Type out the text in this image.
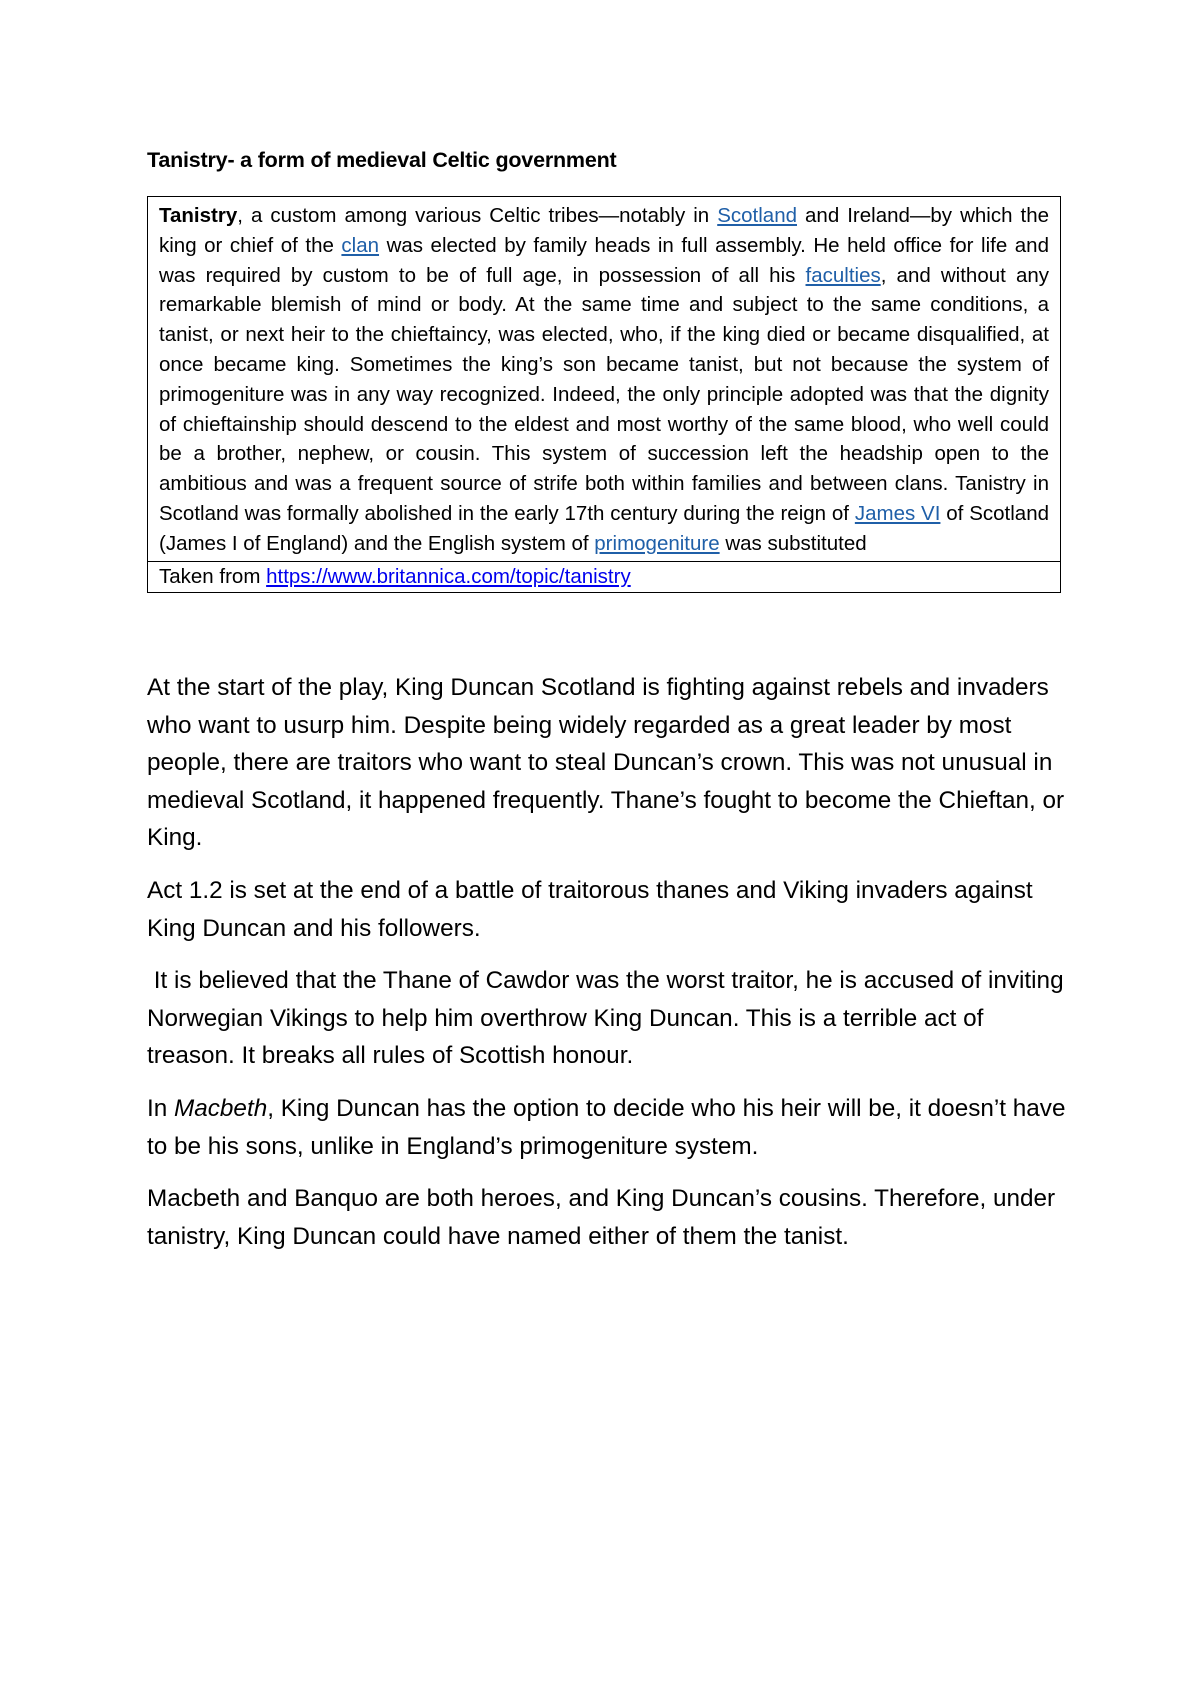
Tanistry- a form of medieval Celtic government
Tanistry, a custom among various Celtic tribes—notably in Scotland and Ireland—by which the king or chief of the clan was elected by family heads in full assembly. He held office for life and was required by custom to be of full age, in possession of all his faculties, and without any remarkable blemish of mind or body. At the same time and subject to the same conditions, a tanist, or next heir to the chieftaincy, was elected, who, if the king died or became disqualified, at once became king. Sometimes the king’s son became tanist, but not because the system of primogeniture was in any way recognized. Indeed, the only principle adopted was that the dignity of chieftainship should descend to the eldest and most worthy of the same blood, who well could be a brother, nephew, or cousin. This system of succession left the headship open to the ambitious and was a frequent source of strife both within families and between clans. Tanistry in Scotland was formally abolished in the early 17th century during the reign of James VI of Scotland (James I of England) and the English system of primogeniture was substituted
Taken from https://www.britannica.com/topic/tanistry

At the start of the play, King Duncan Scotland is fighting against rebels and invaders who want to usurp him. Despite being widely regarded as a great leader by most people, there are traitors who want to steal Duncan’s crown. This was not unusual in medieval Scotland, it happened frequently. Thane’s fought to become the Chieftan, or King.

Act 1.2 is set at the end of a battle of traitorous thanes and Viking invaders against King Duncan and his followers.

It is believed that the Thane of Cawdor was the worst traitor, he is accused of inviting Norwegian Vikings to help him overthrow King Duncan. This is a terrible act of treason. It breaks all rules of Scottish honour.

In Macbeth, King Duncan has the option to decide who his heir will be, it doesn’t have to be his sons, unlike in England’s primogeniture system.

Macbeth and Banquo are both heroes, and King Duncan’s cousins. Therefore, under tanistry, King Duncan could have named either of them the tanist.
